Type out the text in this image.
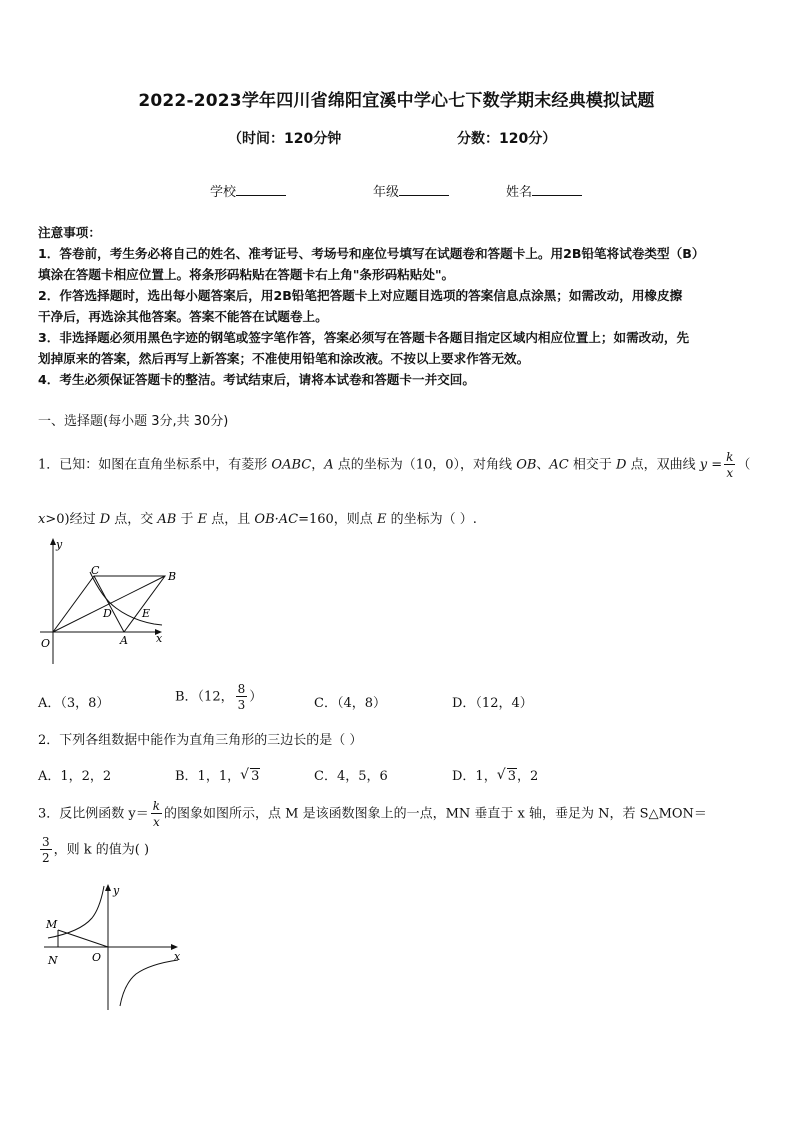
2022-2023学年四川省绵阳宜溪中学心七下数学期末经典模拟试题
（时间：120分钟	分数：120分）
学校	年级	姓名
注意事项：
1．答卷前，考生务必将自己的姓名、准考证号、考场号和座位号填写在试题卷和答题卡上。用2B铅笔将试卷类型（B）
填涂在答题卡相应位置上。将条形码粘贴在答题卡右上角"条形码粘贴处"。
2．作答选择题时，选出每小题答案后，用2B铅笔把答题卡上对应题目选项的答案信息点涂黑；如需改动，用橡皮擦
干净后，再选涂其他答案。答案不能答在试题卷上。
3．非选择题必须用黑色字迹的钢笔或签字笔作答，答案必须写在答题卡各题目指定区域内相应位置上；如需改动，先
划掉原来的答案，然后再写上新答案；不准使用铅笔和涂改液。不按以上要求作答无效。
4．考生必须保证答题卡的整洁。考试结束后，请将本试卷和答题卡一并交回。
一、选择题(每小题 3分,共 30分)
1．已知：如图在直角坐标系中，有菱形 OABC，A 点的坐标为（10，0），对角线 OB、AC 相交于 D 点，双曲线 $y = \frac{k}{x}$ （
x>0)经过 D 点，交 AB 于 E 点，且 OB·AC=160，则点 E 的坐标为（ ）.
y
x
O	A
B
C
D	E
A．（3，8）	B．（12， $\frac{8}{3}$ ）	C．（4，8）	D．（12，4）
2．下列各组数据中能作为直角三角形的三边长的是（ ）
A．1，2，2	B．1，1， √ 3	C．4，5，6	D．1， √ 3，2
3．反比例函数 $y= \frac{k}{x}$ 的图象如图所示，点 M 是该函数图象上的一点，MN 垂直于 x 轴，垂足为 N，若 S△MON＝
$\frac{3}{2}$ ，则 k 的值为( )
y
x
O
M
N
